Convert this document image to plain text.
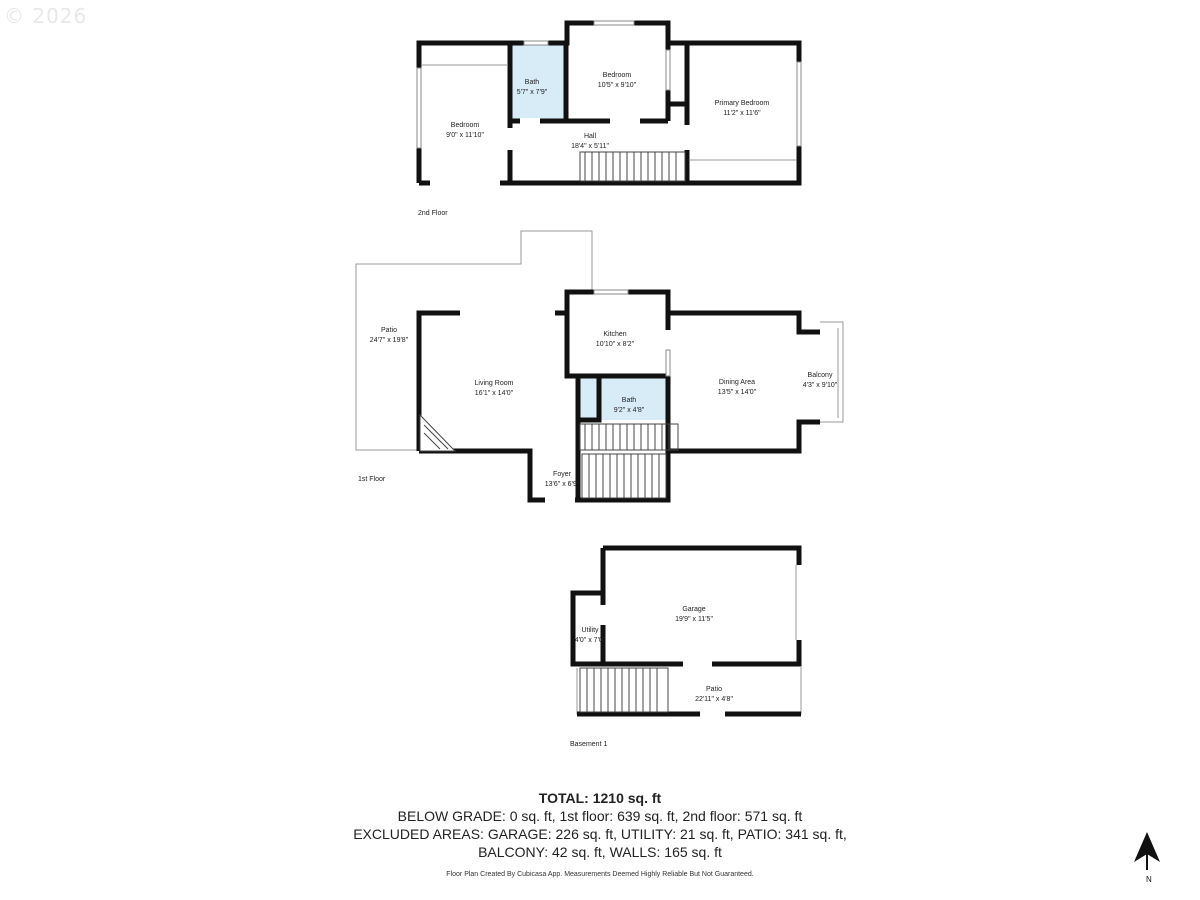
© 2026
Bath
5'7" x 7'9"
Bedroom
10'5" x 9'10"
Primary Bedroom
11'2" x 11'6"
Bedroom
9'0" x 11'10"	Hall
18'4" x 5'11"
2nd Floor
Patio
24'7" x 19'8"
Kitchen
10'10" x 8'2"
Living Room
16'1" x 14'0"
Dining Area
13'5" x 14'0"
Balcony
4'3" x 9'10"
Bath
9'2" x 4'8"
Foyer
13'6" x 6'9"
1st Floor
Garage
19'9" x 11'5"
Utility
4'0" x 7'0"
Patio
22'11" x 4'8"
Basement 1
TOTAL: 1210 sq. ft
BELOW GRADE: 0 sq. ft, 1st floor: 639 sq. ft, 2nd floor: 571 sq. ft
EXCLUDED AREAS: GARAGE: 226 sq. ft, UTILITY: 21 sq. ft, PATIO: 341 sq. ft,
BALCONY: 42 sq. ft, WALLS: 165 sq. ft
Floor Plan Created By Cubicasa App. Measurements Deemed Highly Reliable But Not Guaranteed.
N
